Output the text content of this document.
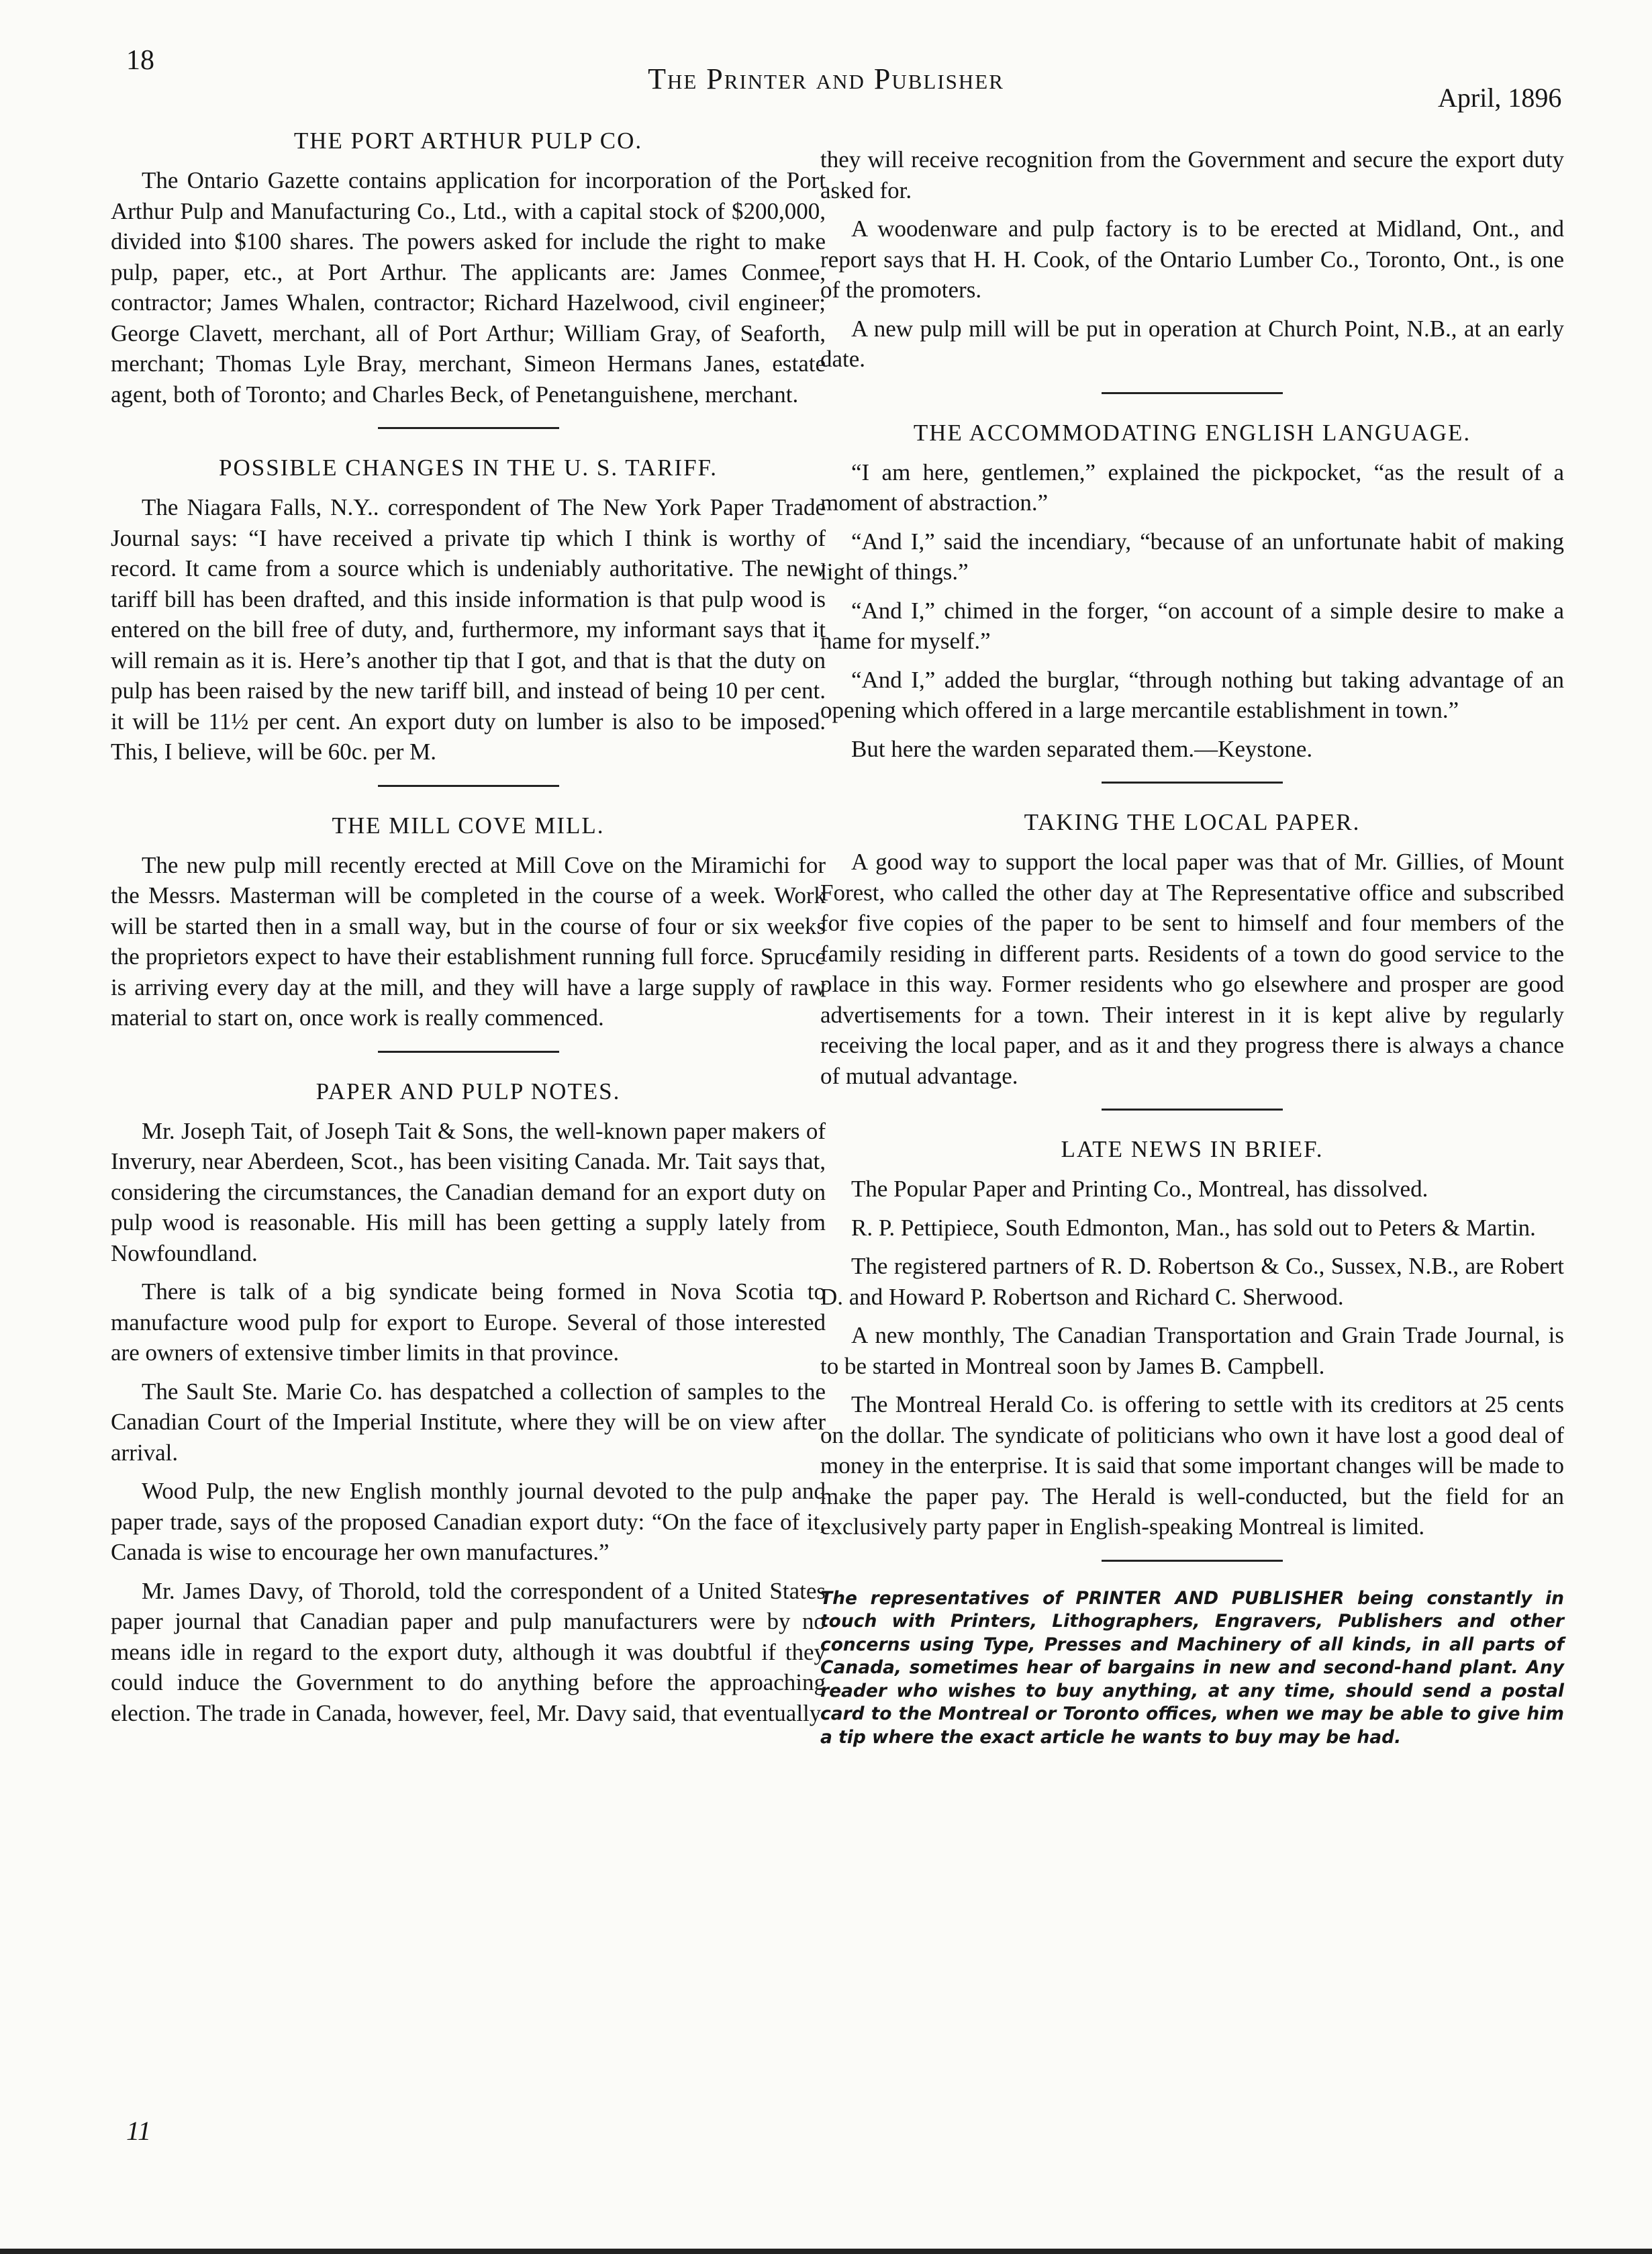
18
The Printer and Publisher
April, 1896
THE PORT ARTHUR PULP CO.

The Ontario Gazette contains application for incorporation of the Port Arthur Pulp and Manufacturing Co., Ltd., with a capital stock of $200,000, divided into $100 shares. The powers asked for include the right to make pulp, paper, etc., at Port Arthur. The applicants are: James Conmee, contractor; James Whalen, contractor; Richard Hazelwood, civil engineer; George Clavett, merchant, all of Port Arthur; William Gray, of Seaforth, merchant; Thomas Lyle Bray, merchant, Simeon Hermans Janes, estate agent, both of Toronto; and Charles Beck, of Penetanguishene, merchant.

POSSIBLE CHANGES IN THE U. S. TARIFF.

The Niagara Falls, N.Y.. correspondent of The New York Paper Trade Journal says: “I have received a private tip which I think is worthy of record. It came from a source which is undeniably authoritative. The new tariff bill has been drafted, and this inside information is that pulp wood is entered on the bill free of duty, and, furthermore, my informant says that it will remain as it is. Here’s another tip that I got, and that is that the duty on pulp has been raised by the new tariff bill, and instead of being 10 per cent. it will be 11½ per cent. An export duty on lumber is also to be imposed. This, I believe, will be 60c. per M.

THE MILL COVE MILL.

The new pulp mill recently erected at Mill Cove on the Miramichi for the Messrs. Masterman will be completed in the course of a week. Work will be started then in a small way, but in the course of four or six weeks the proprietors expect to have their establishment running full force. Spruce is arriving every day at the mill, and they will have a large supply of raw material to start on, once work is really commenced.

PAPER AND PULP NOTES.

Mr. Joseph Tait, of Joseph Tait & Sons, the well-known paper makers of Inverury, near Aberdeen, Scot., has been visiting Canada. Mr. Tait says that, considering the circumstances, the Canadian demand for an export duty on pulp wood is reasonable. His mill has been getting a supply lately from Nowfoundland.

There is talk of a big syndicate being formed in Nova Scotia to manufacture wood pulp for export to Europe. Several of those interested are owners of extensive timber limits in that province.

The Sault Ste. Marie Co. has despatched a collection of samples to the Canadian Court of the Imperial Institute, where they will be on view after arrival.

Wood Pulp, the new English monthly journal devoted to the pulp and paper trade, says of the proposed Canadian export duty: “On the face of it, Canada is wise to encourage her own manufactures.”

Mr. James Davy, of Thorold, told the correspondent of a United States paper journal that Canadian paper and pulp manufacturers were by no means idle in regard to the export duty, although it was doubtful if they could induce the Government to do anything before the approaching election. The trade in Canada, however, feel, Mr. Davy said, that eventually

they will receive recognition from the Government and secure the export duty asked for.

A woodenware and pulp factory is to be erected at Midland, Ont., and report says that H. H. Cook, of the Ontario Lumber Co., Toronto, Ont., is one of the promoters.

A new pulp mill will be put in operation at Church Point, N.B., at an early date.

THE ACCOMMODATING ENGLISH LANGUAGE.

“I am here, gentlemen,” explained the pickpocket, “as the result of a moment of abstraction.”

“And I,” said the incendiary, “because of an unfortunate habit of making light of things.”

“And I,” chimed in the forger, “on account of a simple desire to make a name for myself.”

“And I,” added the burglar, “through nothing but taking advantage of an opening which offered in a large mercantile establishment in town.”

But here the warden separated them.—Keystone.

TAKING THE LOCAL PAPER.

A good way to support the local paper was that of Mr. Gillies, of Mount Forest, who called the other day at The Representative office and subscribed for five copies of the paper to be sent to himself and four members of the family residing in different parts. Residents of a town do good service to the place in this way. Former residents who go elsewhere and prosper are good advertisements for a town. Their interest in it is kept alive by regularly receiving the local paper, and as it and they progress there is always a chance of mutual advantage.

LATE NEWS IN BRIEF.

The Popular Paper and Printing Co., Montreal, has dissolved.

R. P. Pettipiece, South Edmonton, Man., has sold out to Peters & Martin.

The registered partners of R. D. Robertson & Co., Sussex, N.B., are Robert D. and Howard P. Robertson and Richard C. Sherwood.

A new monthly, The Canadian Transportation and Grain Trade Journal, is to be started in Montreal soon by James B. Campbell.

The Montreal Herald Co. is offering to settle with its creditors at 25 cents on the dollar. The syndicate of politicians who own it have lost a good deal of money in the enterprise. It is said that some important changes will be made to make the paper pay. The Herald is well-conducted, but the field for an exclusively party paper in English-speaking Montreal is limited.

The representatives of PRINTER AND PUBLISHER being constantly in touch with Printers, Lithographers, Engravers, Publishers and other concerns using Type, Presses and Machinery of all kinds, in all parts of Canada, sometimes hear of bargains in new and second-hand plant. Any reader who wishes to buy anything, at any time, should send a postal card to the Montreal or Toronto offices, when we may be able to give him a tip where the exact article he wants to buy may be had.

11
